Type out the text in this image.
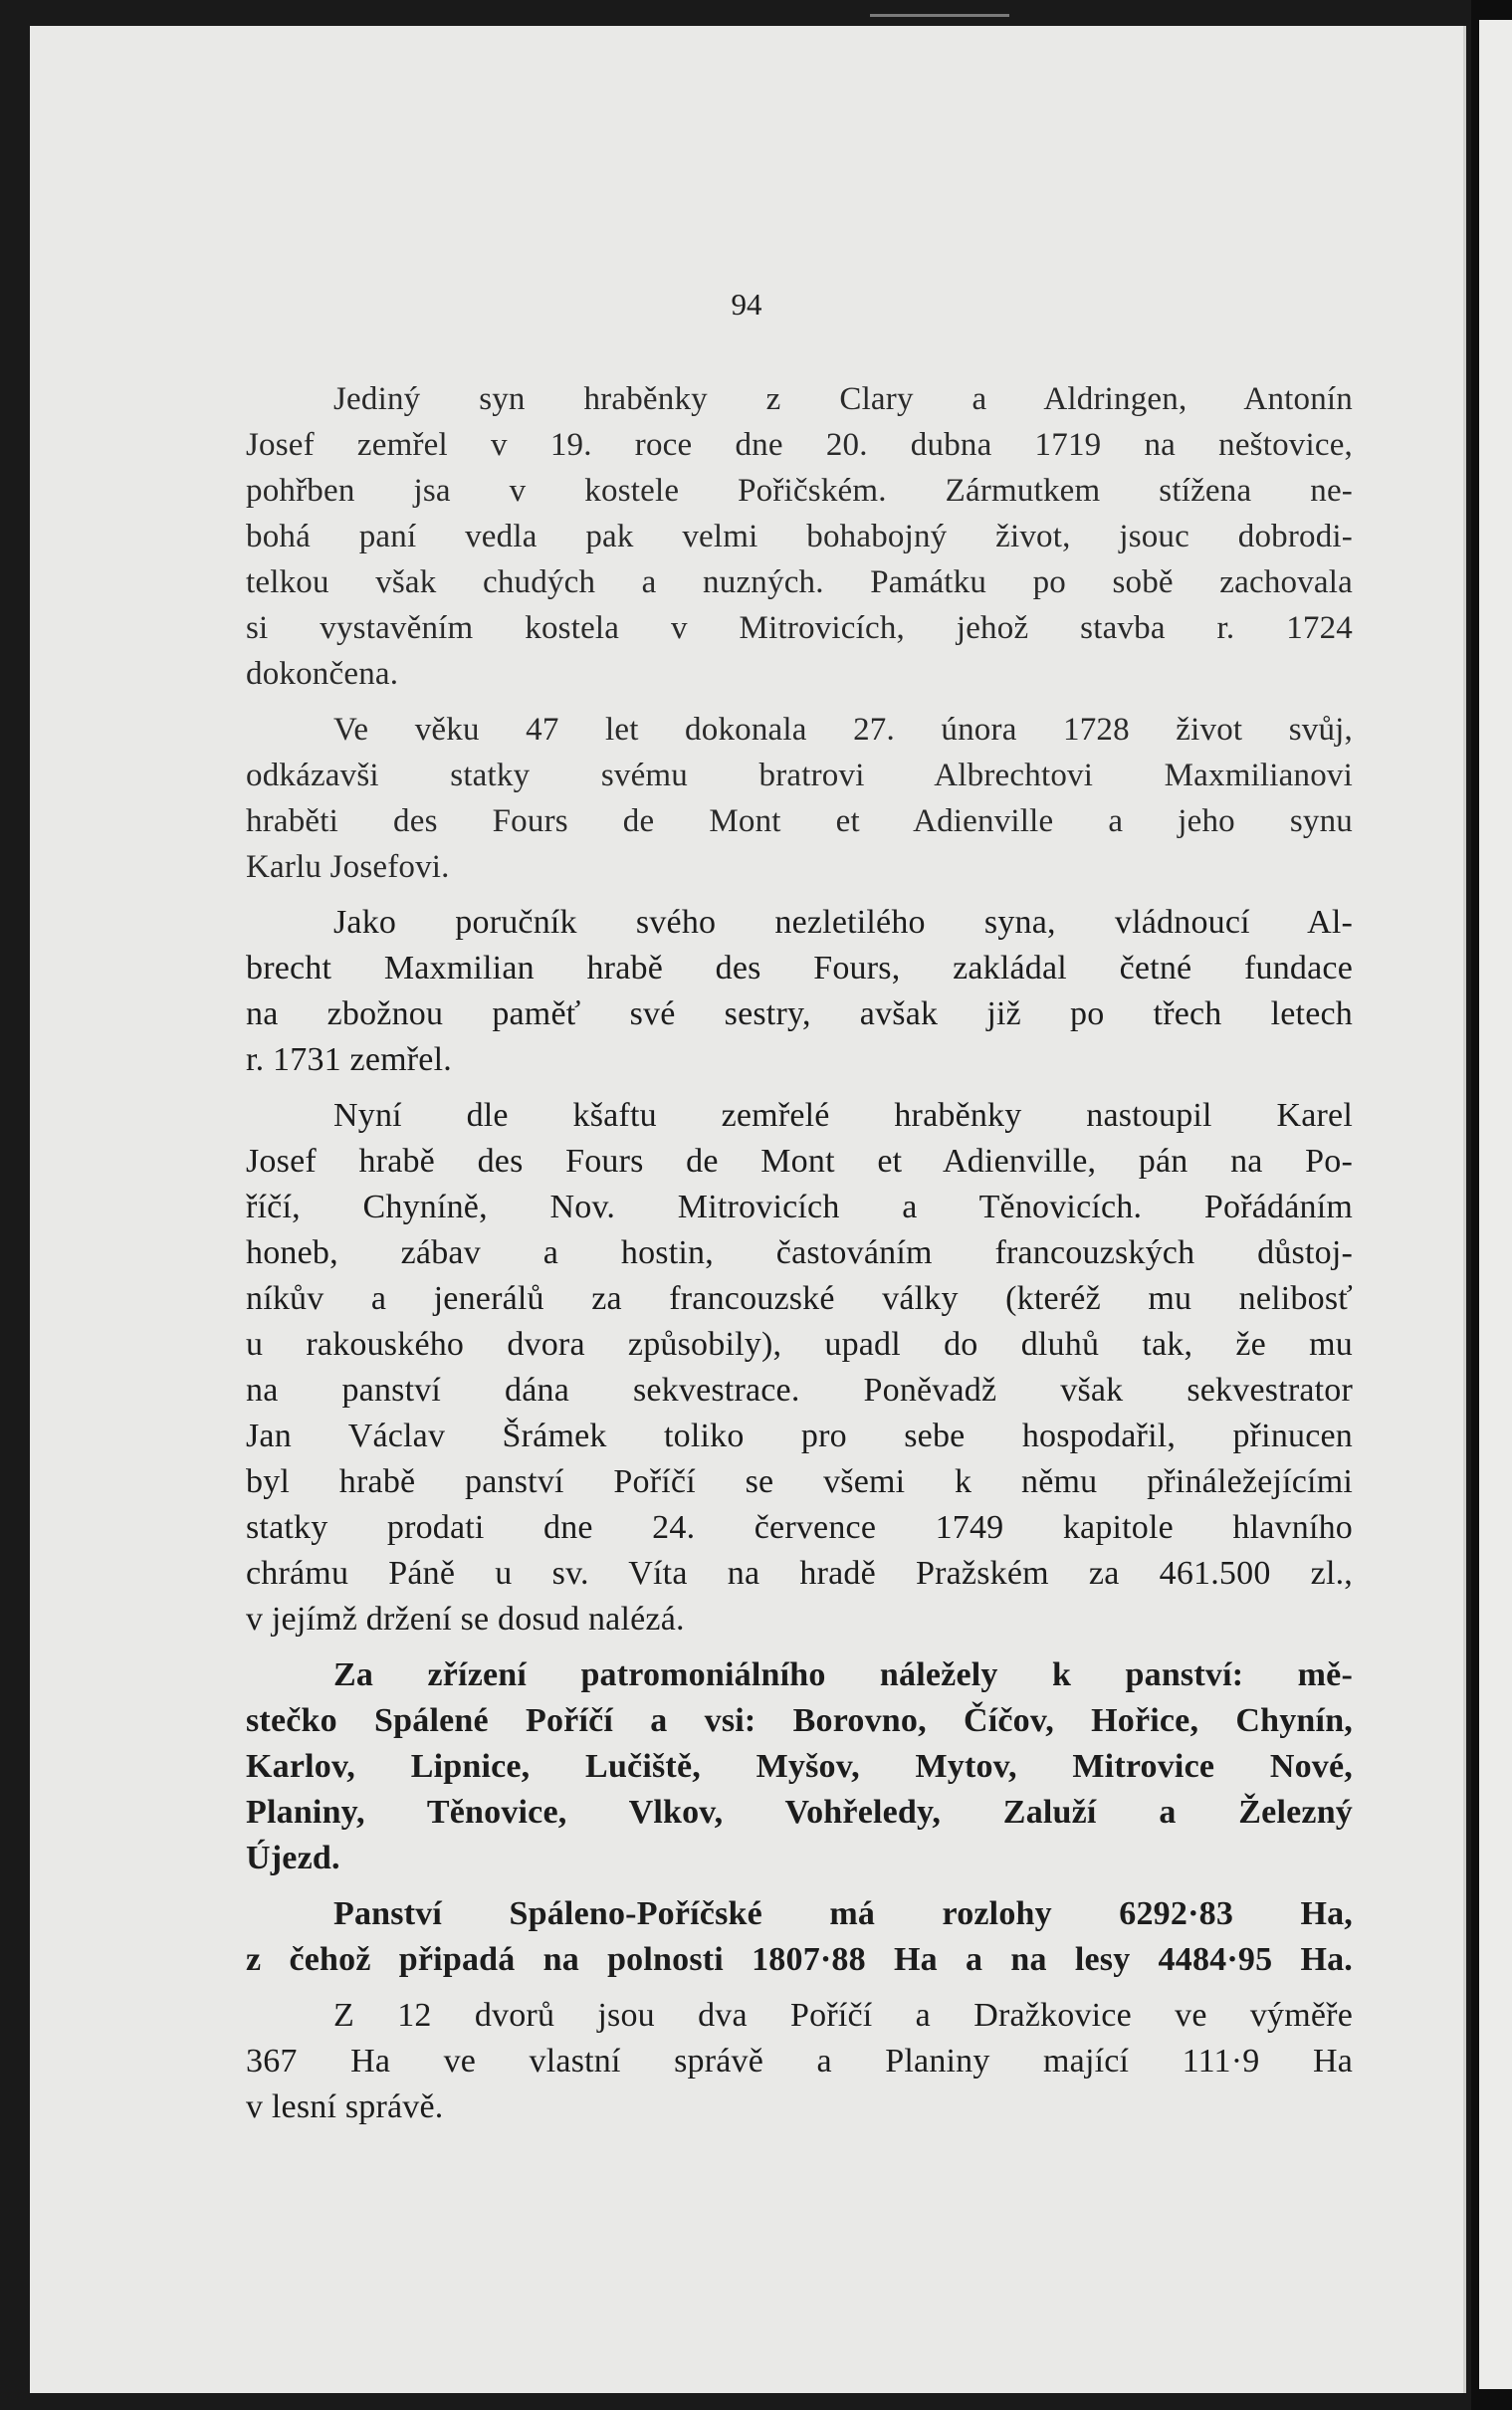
94

Jediný syn hraběnky z Clary a Aldringen, Antonín
Josef zemřel v 19. roce dne 20. dubna 1719 na neštovice,
pohřben jsa v kostele Pořičském. Zármutkem stížena ne-
bohá paní vedla pak velmi bohabojný život, jsouc dobrodi-
telkou však chudých a nuzných. Památku po sobě zachovala
si vystavěním kostela v Mitrovicích, jehož stavba r. 1724
dokončena.
Ve věku 47 let dokonala 27. února 1728 život svůj,
odkázavši statky svému bratrovi Albrechtovi Maxmilianovi
hraběti des Fours de Mont et Adienville a jeho synu
Karlu Josefovi.
Jako poručník svého nezletilého syna, vládnoucí Al-
brecht Maxmilian hrabě des Fours, zakládal četné fundace
na zbožnou paměť své sestry, avšak již po třech letech
r. 1731 zemřel.
Nyní dle kšaftu zemřelé hraběnky nastoupil Karel
Josef hrabě des Fours de Mont et Adienville, pán na Po-
říčí, Chyníně, Nov. Mitrovicích a Těnovicích. Pořádáním
honeb, zábav a hostin, častováním francouzských důstoj-
níkův a jenerálů za francouzské války (kteréž mu nelibosť
u rakouského dvora způsobily), upadl do dluhů tak, že mu
na panství dána sekvestrace. Poněvadž však sekvestrator
Jan Václav Šrámek toliko pro sebe hospodařil, přinucen
byl hrabě panství Poříčí se všemi k němu přináležejícími
statky prodati dne 24. července 1749 kapitole hlavního
chrámu Páně u sv. Víta na hradě Pražském za 461.500 zl.,
v jejímž držení se dosud nalézá.
Za zřízení patromoniálního náležely k panství: mě-
stečko Spálené Poříčí a vsi: Borovno, Číčov, Hořice, Chynín,
Karlov, Lipnice, Lučiště, Myšov, Mytov, Mitrovice Nové,
Planiny, Těnovice, Vlkov, Vohřeledy, Zaluží a Železný
Újezd.
Panství Spáleno-Poříčské má rozlohy 6292·83 Ha,
z čehož připadá na polnosti 1807·88 Ha a na lesy 4484·95 Ha.
Z 12 dvorů jsou dva Poříčí a Dražkovice ve výměře
367 Ha ve vlastní správě a Planiny mající 111·9 Ha
v lesní správě.
